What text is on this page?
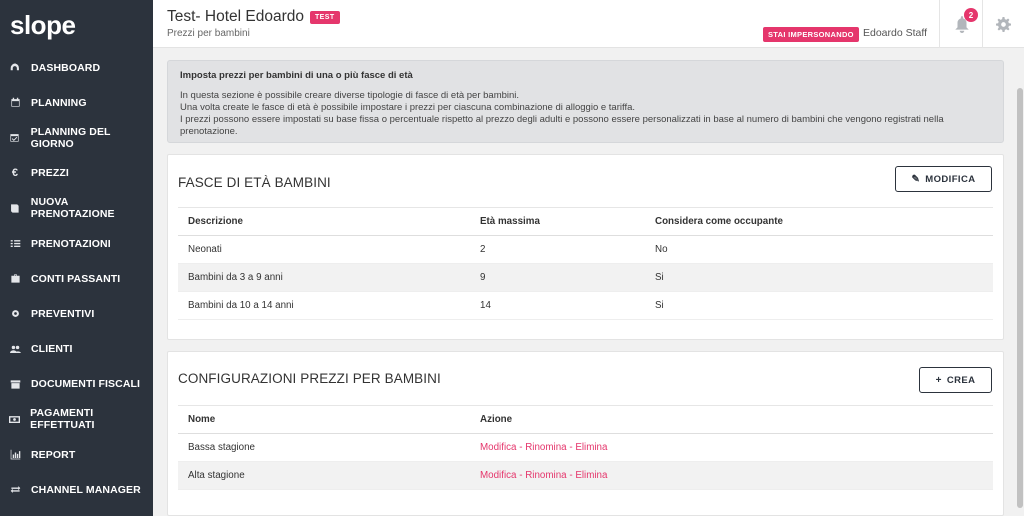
slope
DASHBOARD
PLANNING
PLANNING DEL GIORNO
€	PREZZI
NUOVA PRENOTAZIONE
PRENOTAZIONI
CONTI PASSANTI
PREVENTIVI
CLIENTI
DOCUMENTI FISCALI
PAGAMENTI EFFETTUATI
REPORT
CHANNEL MANAGER
Test- Hotel Edoardo	TEST
Prezzi per bambini	STAI IMPERSONANDO Edoardo Staff
2
Imposta prezzi per bambini di una o più fasce di età
In questa sezione è possibile creare diverse tipologie di fasce di età per bambini.
Una volta create le fasce di età è possibile impostare i prezzi per ciascuna combinazione di alloggio e tariffa.
I prezzi possono essere impostati su base fissa o percentuale rispetto al prezzo degli adulti e possono essere personalizzati in base al numero di bambini che vengono registrati nella prenotazione.
FASCE DI ETÀ BAMBINI	✎ MODIFICA
Descrizione	Età massima	Considera come occupante
Neonati	2	No
Bambini da 3 a 9 anni	9	Si
Bambini da 10 a 14 anni	14	Si
CONFIGURAZIONI PREZZI PER BAMBINI	+ CREA
Nome	Azione
Bassa stagione	Modifica - Rinomina - Elimina
Alta stagione	Modifica - Rinomina - Elimina
